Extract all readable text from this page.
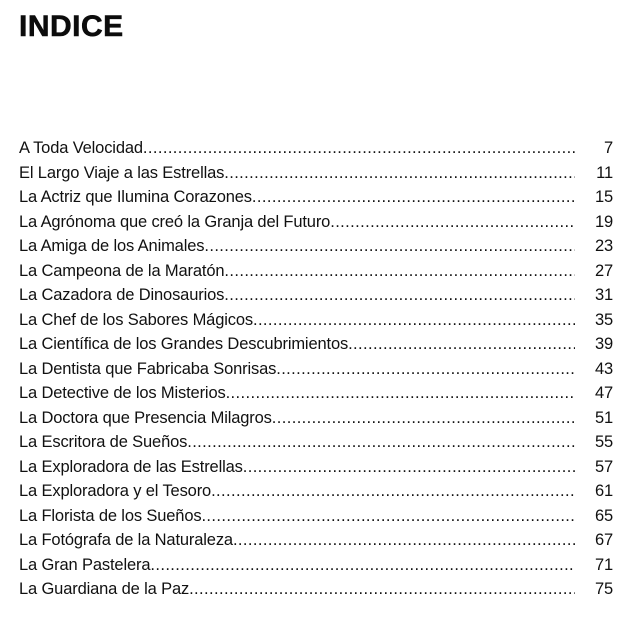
INDICE
A Toda Velocidad .....	7
El Largo Viaje a las Estrellas .....	11
La Actriz que Ilumina Corazones .....	15
La Agrónoma que creó la Granja del Futuro .....	19
La Amiga de los Animales .....	23
La Campeona de la Maratón .....	27
La Cazadora de Dinosaurios .....	31
La Chef de los Sabores Mágicos .....	35
La Científica de los Grandes Descubrimientos .....	39
La Dentista que Fabricaba Sonrisas .....	43
La Detective de los Misterios .....	47
La Doctora que Presencia Milagros .....	51
La Escritora de Sueños .....	55
La Exploradora de las Estrellas .....	57
La Exploradora y el Tesoro .....	61
La Florista de los Sueños .....	65
La Fotógrafa de la Naturaleza .....	67
La Gran Pastelera .....	71
La Guardiana de la Paz .....	75
